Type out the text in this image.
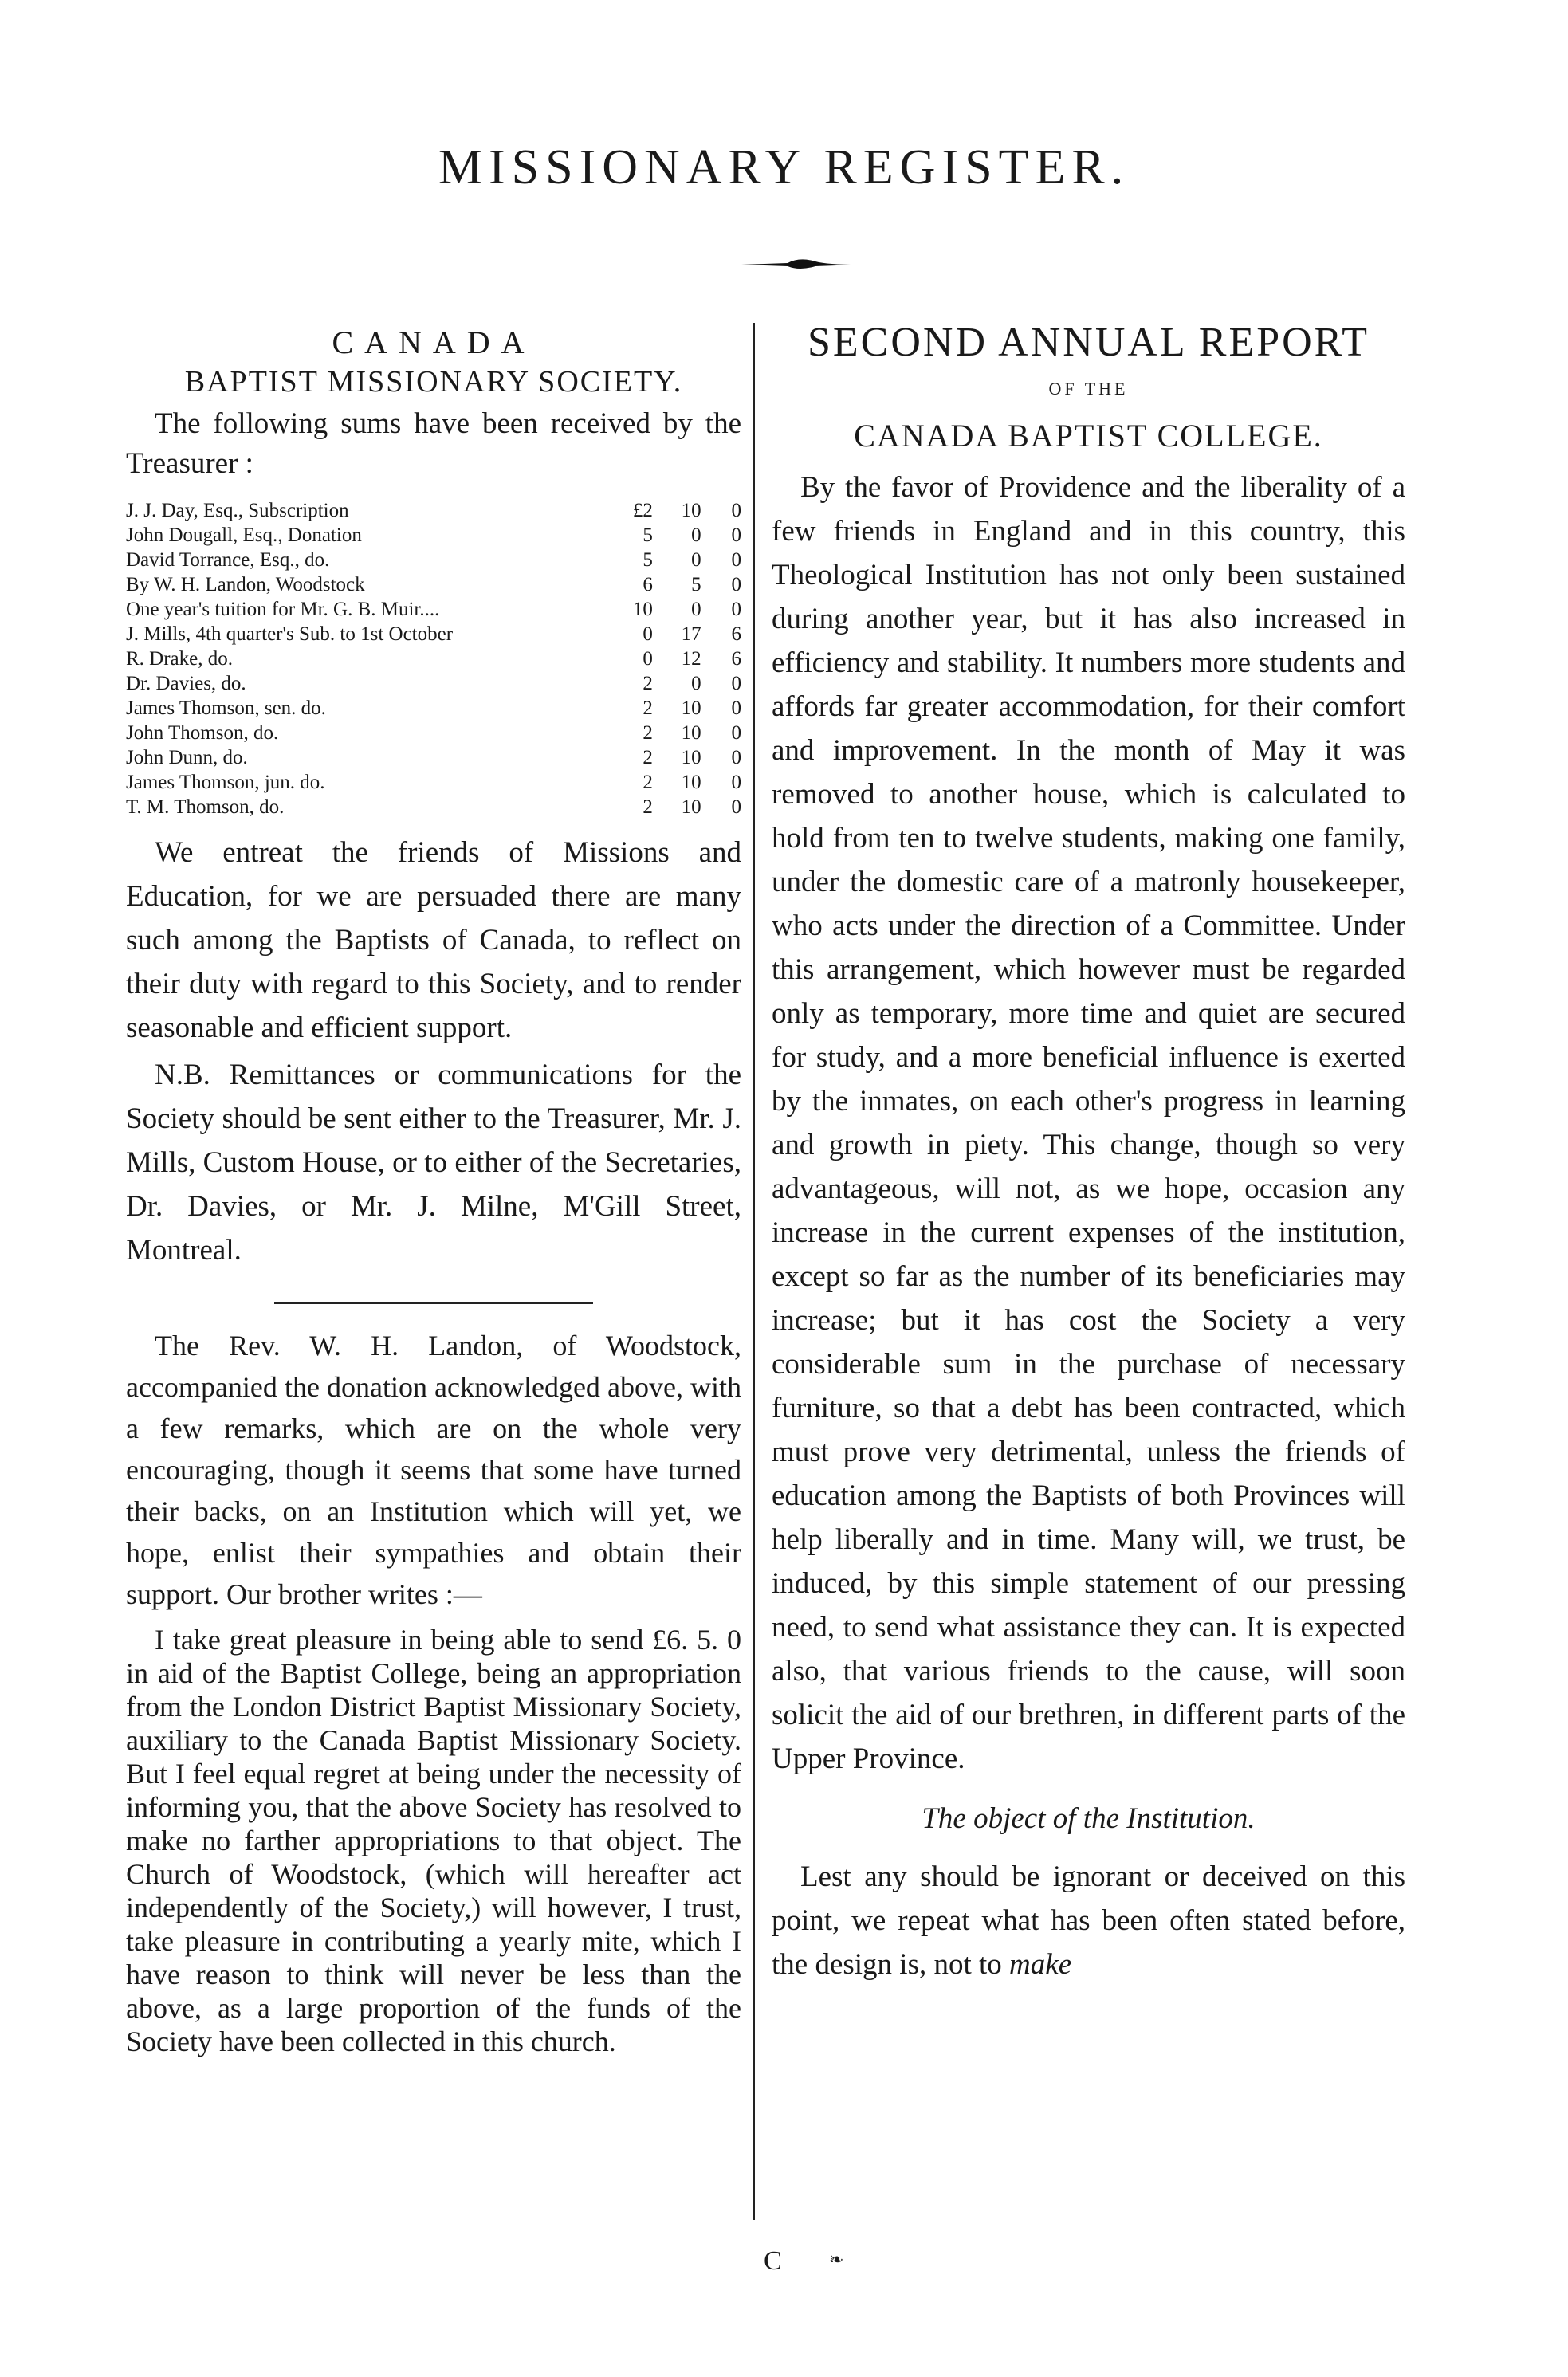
MISSIONARY REGISTER.
CANADA
BAPTIST MISSIONARY SOCIETY.

The following sums have been received by the Treasurer :

J. J. Day, Esq., Subscription	£2	10	0
John Dougall, Esq., Donation	5	0	0
David Torrance, Esq., do.	5	0	0
By W. H. Landon, Woodstock	6	5	0
One year's tuition for Mr. G. B. Muir....	10	0	0
J. Mills, 4th quarter's Sub. to 1st October	0	17	6
R. Drake, do.	0	12	6
Dr. Davies, do.	2	0	0
James Thomson, sen. do.	2	10	0
John Thomson, do.	2	10	0
John Dunn, do.	2	10	0
James Thomson, jun. do.	2	10	0
T. M. Thomson, do.	2	10	0

We entreat the friends of Missions and Education, for we are persuaded there are many such among the Baptists of Canada, to reflect on their duty with regard to this Society, and to render seasonable and efficient support.

N.B. Remittances or communications for the Society should be sent either to the Treasurer, Mr. J. Mills, Custom House, or to either of the Secretaries, Dr. Davies, or Mr. J. Milne, M'Gill Street, Montreal.

The Rev. W. H. Landon, of Woodstock, accompanied the donation acknowledged above, with a few remarks, which are on the whole very encouraging, though it seems that some have turned their backs, on an Institution which will yet, we hope, enlist their sympathies and obtain their support. Our brother writes :—

I take great pleasure in being able to send £6. 5. 0 in aid of the Baptist College, being an appropriation from the London District Baptist Missionary Society, auxiliary to the Canada Baptist Missionary Society. But I feel equal regret at being under the necessity of informing you, that the above Society has resolved to make no farther appropriations to that object. The Church of Woodstock, (which will hereafter act independently of the Society,) will however, I trust, take pleasure in contributing a yearly mite, which I have reason to think will never be less than the above, as a large proportion of the funds of the Society have been collected in this church.

SECOND ANNUAL REPORT
OF THE
CANADA BAPTIST COLLEGE.

By the favor of Providence and the liberality of a few friends in England and in this country, this Theological Institution has not only been sustained during another year, but it has also increased in efficiency and stability. It numbers more students and affords far greater accommodation, for their comfort and improvement. In the month of May it was removed to another house, which is calculated to hold from ten to twelve students, making one family, under the domestic care of a matronly housekeeper, who acts under the direction of a Committee. Under this arrangement, which however must be regarded only as temporary, more time and quiet are secured for study, and a more beneficial influence is exerted by the inmates, on each other's progress in learning and growth in piety. This change, though so very advantageous, will not, as we hope, occasion any increase in the current expenses of the institution, except so far as the number of its beneficiaries may increase; but it has cost the Society a very considerable sum in the purchase of necessary furniture, so that a debt has been contracted, which must prove very detrimental, unless the friends of education among the Baptists of both Provinces will help liberally and in time. Many will, we trust, be induced, by this simple statement of our pressing need, to send what assistance they can. It is expected also, that various friends to the cause, will soon solicit the aid of our brethren, in different parts of the Upper Province.

The object of the Institution.

Lest any should be ignorant or deceived on this point, we repeat what has been often stated before, the design is, not to make

C	❧
